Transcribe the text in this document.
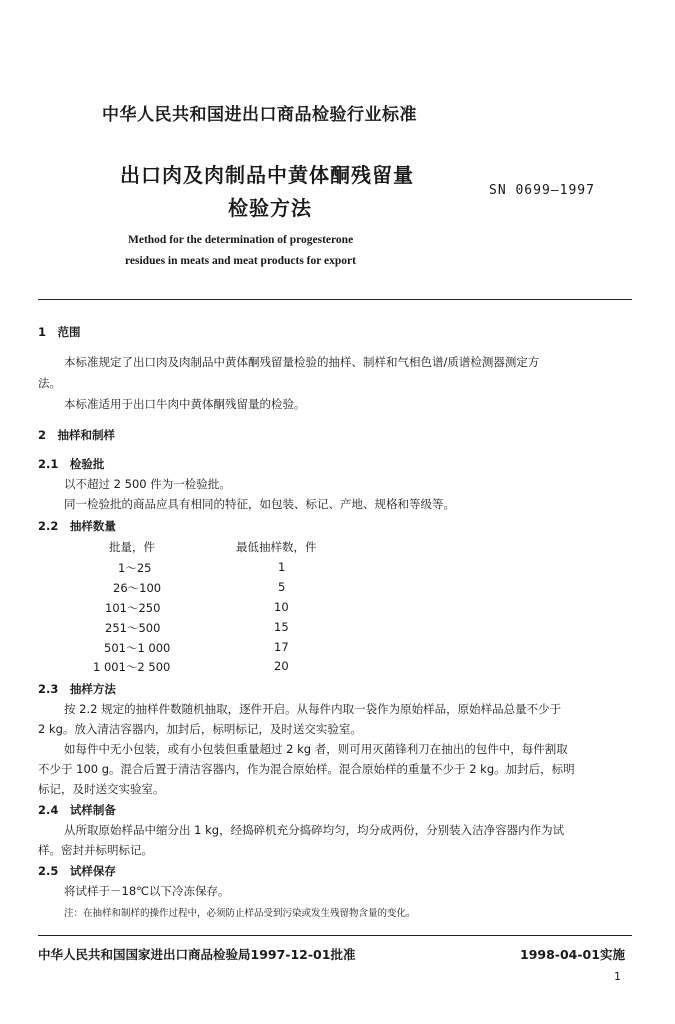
中华人民共和国进出口商品检验行业标准
出口肉及肉制品中黄体酮残留量
检验方法
SN 0699—1997
Method for the determination of progesterone
residues in meats and meat products for export
1　范围
本标准规定了出口肉及肉制品中黄体酮残留量检验的抽样、制样和气相色谱/质谱检测器测定方
法。
本标准适用于出口牛肉中黄体酮残留量的检验。
2　抽样和制样
2.1　检验批
以不超过 2 500 件为一检验批。
同一检验批的商品应具有相同的特征，如包装、标记、产地、规格和等级等。
2.2　抽样数量
批量，件	最低抽样数，件
1～25	1
26～100	5
101～250	10
251～500	15
501～1 000	17
1 001～2 500	20
2.3　抽样方法
按 2.2 规定的抽样件数随机抽取，逐件开启。从每件内取一袋作为原始样品，原始样品总量不少于
2 kg。放入清洁容器内，加封后，标明标记，及时送交实验室。
如每件中无小包装，或有小包装但重量超过 2 kg 者，则可用灭菌锋利刀在抽出的包件中，每件割取
不少于 100 g。混合后置于清洁容器内，作为混合原始样。混合原始样的重量不少于 2 kg。加封后，标明
标记，及时送交实验室。
2.4　试样制备
从所取原始样品中缩分出 1 kg，经捣碎机充分捣碎均匀，均分成两份，分别装入洁净容器内作为试
样。密封并标明标记。
2.5　试样保存
将试样于－18℃以下冷冻保存。
注：在抽样和制样的操作过程中，必须防止样品受到污染或发生残留物含量的变化。
中华人民共和国国家进出口商品检验局1997-12-01批准	1998-04-01实施
1
